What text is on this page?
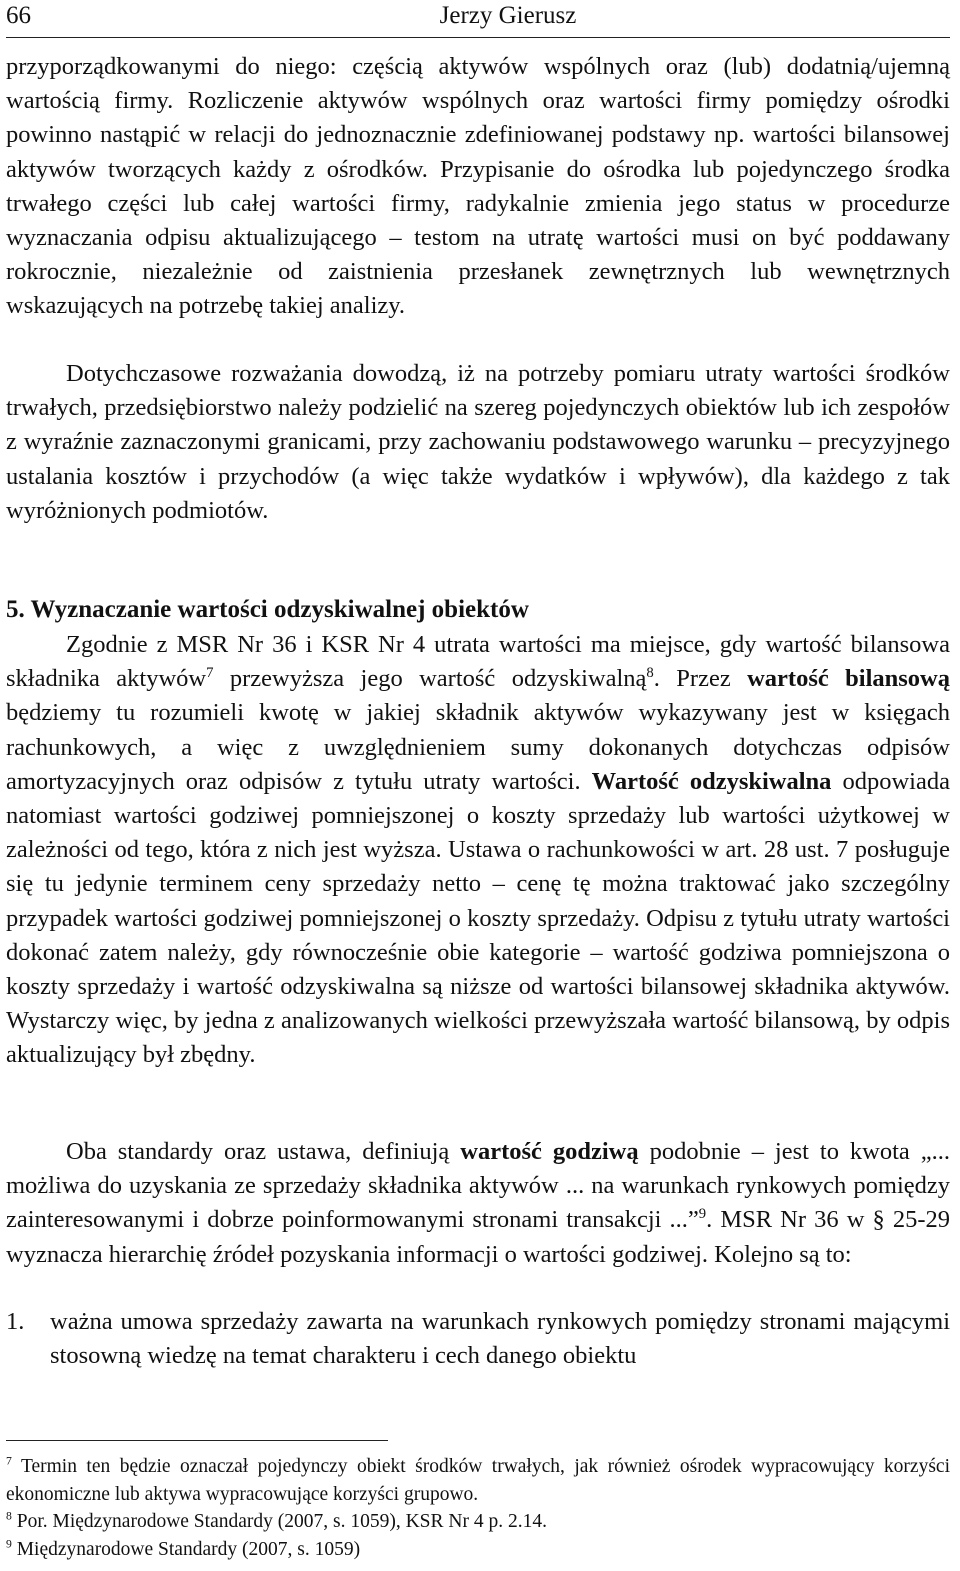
66	Jerzy Gierusz

przyporządkowanymi do niego: częścią aktywów wspólnych oraz (lub) dodatnią/ujemną wartością firmy. Rozliczenie aktywów wspólnych oraz wartości firmy pomiędzy ośrodki powinno nastąpić w relacji do jednoznacznie zdefiniowanej podstawy np. wartości bilansowej aktywów tworzących każdy z ośrodków. Przypisanie do ośrodka lub pojedynczego środka trwałego części lub całej wartości firmy, radykalnie zmienia jego status w procedurze wyznaczania odpisu aktualizującego – testom na utratę wartości musi on być poddawany rokrocznie, niezależnie od zaistnienia przesłanek zewnętrznych lub wewnętrznych wskazujących na potrzebę takiej analizy.

Dotychczasowe rozważania dowodzą, iż na potrzeby pomiaru utraty wartości środków trwałych, przedsiębiorstwo należy podzielić na szereg pojedynczych obiektów lub ich zespołów z wyraźnie zaznaczonymi granicami, przy zachowaniu podstawowego warunku – precyzyjnego ustalania kosztów i przychodów (a więc także wydatków i wpływów), dla każdego z tak wyróżnionych podmiotów.

5. Wyznaczanie wartości odzyskiwalnej obiektów

Zgodnie z MSR Nr 36 i KSR Nr 4 utrata wartości ma miejsce, gdy wartość bilansowa składnika aktywów$^7$ przewyższa jego wartość odzyskiwalną$^8$. Przez wartość bilansową będziemy tu rozumieli kwotę w jakiej składnik aktywów wykazywany jest w księgach rachunkowych, a więc z uwzględnieniem sumy dokonanych dotychczas odpisów amortyzacyjnych oraz odpisów z tytułu utraty wartości. Wartość odzyskiwalna odpowiada natomiast wartości godziwej pomniejszonej o koszty sprzedaży lub wartości użytkowej w zależności od tego, która z nich jest wyższa. Ustawa o rachunkowości w art. 28 ust. 7 posługuje się tu jedynie terminem ceny sprzedaży netto – cenę tę można traktować jako szczególny przypadek wartości godziwej pomniejszonej o koszty sprzedaży. Odpisu z tytułu utraty wartości dokonać zatem należy, gdy równocześnie obie kategorie – wartość godziwa pomniejszona o koszty sprzedaży i wartość odzyskiwalna są niższe od wartości bilansowej składnika aktywów. Wystarczy więc, by jedna z analizowanych wielkości przewyższała wartość bilansową, by odpis aktualizujący był zbędny.

Oba standardy oraz ustawa, definiują wartość godziwą podobnie – jest to kwota „... możliwa do uzyskania ze sprzedaży składnika aktywów ... na warunkach rynkowych pomiędzy zainteresowanymi i dobrze poinformowanymi stronami transakcji ...”$^9$. MSR Nr 36 w § 25-29 wyznacza hierarchię źródeł pozyskania informacji o wartości godziwej. Kolejno są to:

1. ważna umowa sprzedaży zawarta na warunkach rynkowych pomiędzy stronami mającymi stosowną wiedzę na temat charakteru i cech danego obiektu

$^7$ Termin ten będzie oznaczał pojedynczy obiekt środków trwałych, jak również ośrodek wypracowujący korzyści ekonomiczne lub aktywa wypracowujące korzyści grupowo.

$^8$ Por. Międzynarodowe Standardy (2007, s. 1059), KSR Nr 4 p. 2.14.

$^9$ Międzynarodowe Standardy (2007, s. 1059)
